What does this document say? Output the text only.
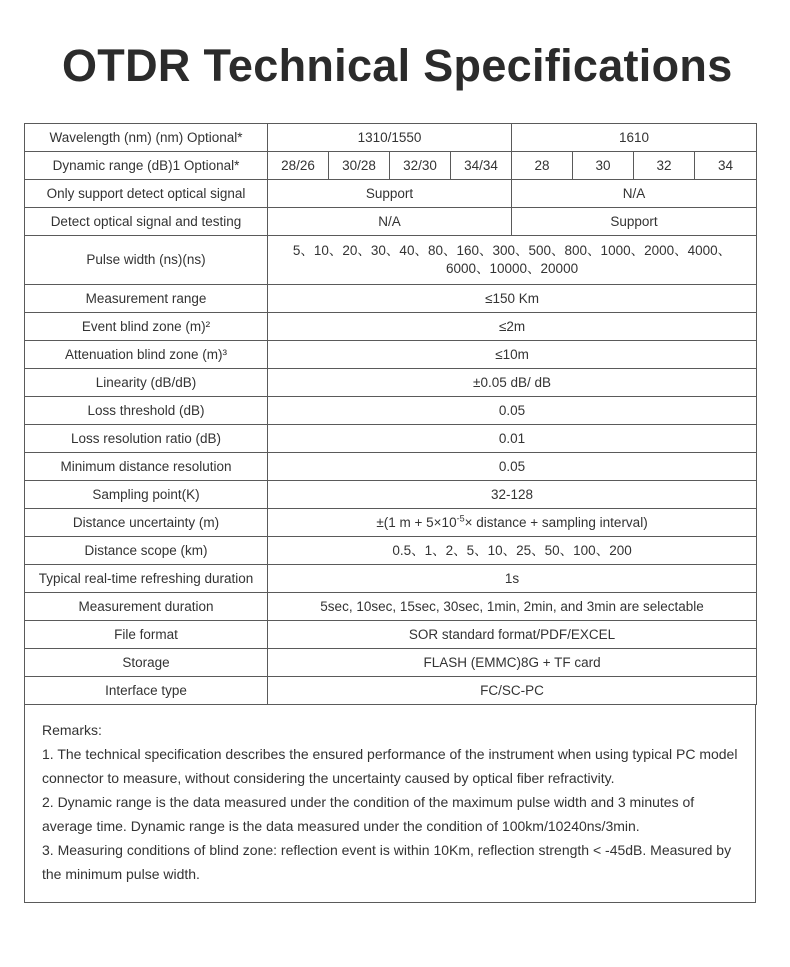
OTDR Technical Specifications
Wavelength (nm) (nm) Optional*	1310/1550				1610			
Dynamic range (dB)1 Optional*	28/26	30/28	32/30	34/34	28	30	32	34
Only support detect optical signal	Support				N/A			
Detect optical signal and testing	N/A				Support			
Pulse width (ns)(ns)	5、10、20、30、40、80、160、300、500、800、1000、2000、4000、
6000、10000、20000							

Measurement range	≤150 Km							
Event blind zone (m)²	≤2m							
Attenuation blind zone (m)³	≤10m							
Linearity (dB/dB)	±0.05 dB/ dB							
Loss threshold (dB)	0.05							
Loss resolution ratio (dB)	0.01							
Minimum distance resolution	0.05							
Sampling point(K)	32-128							
Distance uncertainty (m)	±(1 $m + 5\times 10^{-5}\times$ distance + sampling interval)							
Distance scope (km)	0.5、1、2、5、10、25、50、100、200							
Typical real-time refreshing duration	1s							
Measurement duration	5sec, 10sec, 15sec, 30sec, 1min, 2min, and 3min are selectable							
File format	SOR standard format/PDF/EXCEL							
Storage	FLASH (EMMC)8G + TF card							
Interface type	FC/SC-PC							

Remarks:

1. The technical specification describes the ensured performance of the instrument when using typical PC model connector to measure, without considering the uncertainty caused by optical fiber refractivity.

2. Dynamic range is the data measured under the condition of the maximum pulse width and 3 minutes of average time. Dynamic range is the data measured under the condition of 100km/10240ns/3min.

3. Measuring conditions of blind zone: reflection event is within 10Km, reflection strength < -45dB. Measured by the minimum pulse width.
